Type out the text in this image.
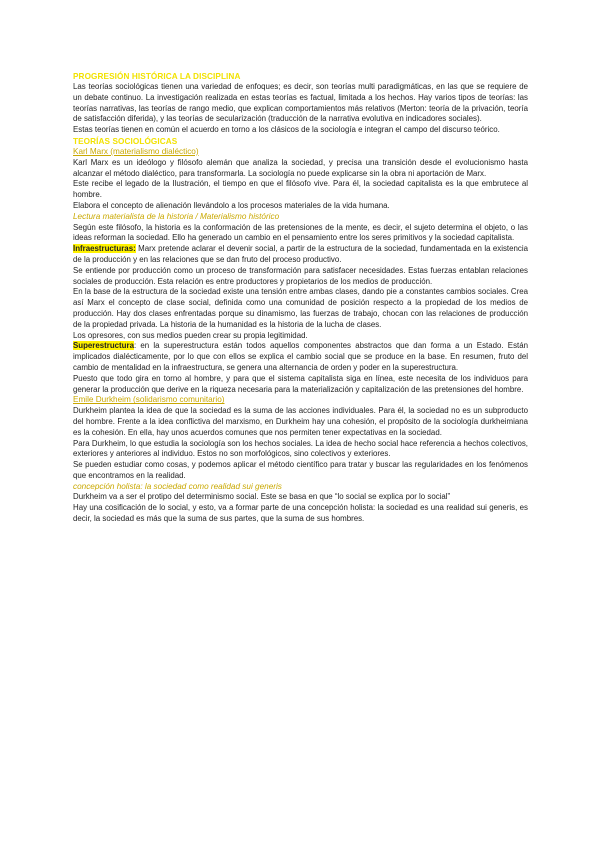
PROGRESIÓN HISTÓRICA LA DISCIPLINA

Las teorías sociológicas tienen una variedad de enfoques; es decir, son teorías multi paradigmáticas, en las que se requiere de un debate continuo. La investigación realizada en estas teorías es factual, limitada a los hechos. Hay varios tipos de teorías: las teorías narrativas, las teorías de rango medio, que explican comportamientos más relativos (Merton: teoría de la privación, teoría de satisfacción diferida), y las teorías de secularización (traducción de la narrativa evolutiva en indicadores sociales).

Estas teorías tienen en común el acuerdo en torno a los clásicos de la sociología e integran el campo del discurso teórico.

TEORÍAS SOCIOLÓGICAS
Karl Marx (materialismo dialéctico)

Karl Marx es un ideólogo y filósofo alemán que analiza la sociedad, y precisa una transición desde el evolucionismo hasta alcanzar el método dialéctico, para transformarla. La sociología no puede explicarse sin la obra ni aportación de Marx.

Este recibe el legado de la Ilustración, el tiempo en que el filósofo vive. Para él, la sociedad capitalista es la que embrutece al hombre.

Elabora el concepto de alienación llevándolo a los procesos materiales de la vida humana.

Lectura materialista de la historia / Materialismo histórico

Según este filósofo, la historia es la conformación de las pretensiones de la mente, es decir, el sujeto determina el objeto, o las ideas reforman la sociedad. Ello ha generado un cambio en el pensamiento entre los seres primitivos y la sociedad capitalista.

Infraestructuras: Marx pretende aclarar el devenir social, a partir de la estructura de la sociedad, fundamentada en la existencia de la producción y en las relaciones que se dan fruto del proceso productivo.

Se entiende por producción como un proceso de transformación para satisfacer necesidades. Estas fuerzas entablan relaciones sociales de producción. Esta relación es entre productores y propietarios de los medios de producción.

En la base de la estructura de la sociedad existe una tensión entre ambas clases, dando pie a constantes cambios sociales. Crea así Marx el concepto de clase social, definida como una comunidad de posición respecto a la propiedad de los medios de producción. Hay dos clases enfrentadas porque su dinamismo, las fuerzas de trabajo, chocan con las relaciones de producción de la propiedad privada. La historia de la humanidad es la historia de la lucha de clases.

Los opresores, con sus medios pueden crear su propia legitimidad.

Superestructura: en la superestructura están todos aquellos componentes abstractos que dan forma a un Estado. Están implicados dialécticamente, por lo que con ellos se explica el cambio social que se produce en la base. En resumen, fruto del cambio de mentalidad en la infraestructura, se genera una alternancia de orden y poder en la superestructura.

Puesto que todo gira en torno al hombre, y para que el sistema capitalista siga en línea, este necesita de los individuos para generar la producción que derive en la riqueza necesaria para la materialización y capitalización de las pretensiones del hombre.

Emile Durkheim (solidarismo comunitario)

Durkheim plantea la idea de que la sociedad es la suma de las acciones individuales. Para él, la sociedad no es un subproducto del hombre. Frente a la idea conflictiva del marxismo, en Durkheim hay una cohesión, el propósito de la sociología durkheimiana es la cohesión. En ella, hay unos acuerdos comunes que nos permiten tener expectativas en la sociedad.

Para Durkheim, lo que estudia la sociología son los hechos sociales. La idea de hecho social hace referencia a hechos colectivos, exteriores y anteriores al individuo. Estos no son morfológicos, sino colectivos y exteriores.

Se pueden estudiar como cosas, y podemos aplicar el método científico para tratar y buscar las regularidades en los fenómenos que encontramos en la realidad.

concepción holista: la sociedad como realidad sui generis

Durkheim va a ser el protipo del determinismo social. Este se basa en que “lo social se explica por lo social”

Hay una cosificación de lo social, y esto, va a formar parte de una concepción holista: la sociedad es una realidad sui generis, es decir, la sociedad es más que la suma de sus partes, que la suma de sus hombres.
